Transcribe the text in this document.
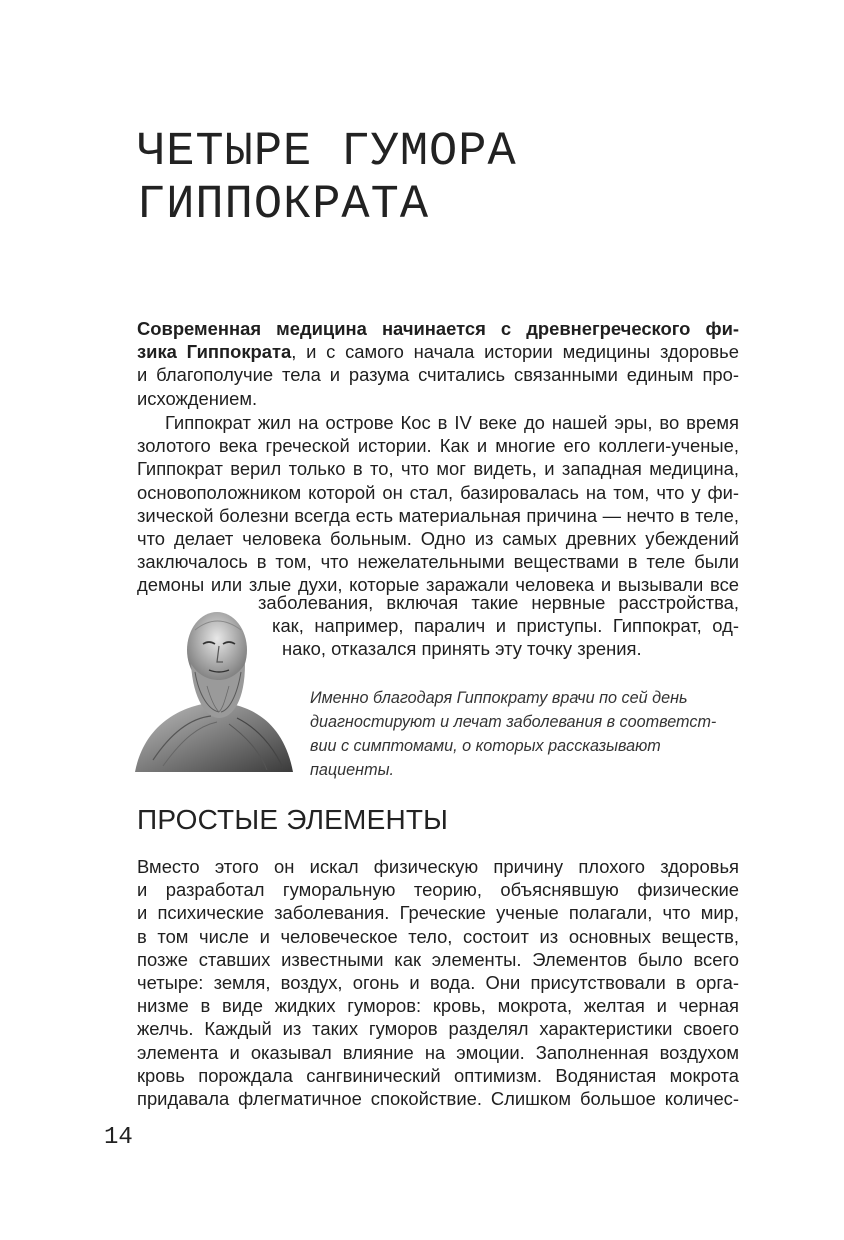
ЧЕТЫРЕ ГУМОРА
ГИППОКРАТА

Современная медицина начинается с древнегреческого фи-
зика Гиппократа, и с самого начала истории медицины здоровье
и благополучие тела и разума считались связанными единым про-
исхождением.

Гиппократ жил на острове Кос в IV веке до нашей эры, во время
золотого века греческой истории. Как и многие его коллеги-ученые,
Гиппократ верил только в то, что мог видеть, и западная медицина,
основоположником которой он стал, базировалась на том, что у фи-
зической болезни всегда есть материальная причина — нечто в теле,
что делает человека больным. Одно из самых древних убеждений
заключалось в том, что нежелательными веществами в теле были
демоны или злые духи, которые заражали человека и вызывали все

заболевания, включая такие нервные расстройства,
как, например, паралич и приступы. Гиппократ, од-
нако, отказался принять эту точку зрения.

Именно благодаря Гиппократу врачи по сей день
диагностируют и лечат заболевания в соответст-
вии с симптомами, о которых рассказывают
пациенты.

ПРОСТЫЕ ЭЛЕМЕНТЫ

Вместо этого он искал физическую причину плохого здоровья
и разработал гуморальную теорию, объяснявшую физические
и психические заболевания. Греческие ученые полагали, что мир,
в том числе и человеческое тело, состоит из основных веществ,
позже ставших известными как элементы. Элементов было всего
четыре: земля, воздух, огонь и вода. Они присутствовали в орга-
низме в виде жидких гуморов: кровь, мокрота, желтая и черная
желчь. Каждый из таких гуморов разделял характеристики своего
элемента и оказывал влияние на эмоции. Заполненная воздухом
кровь порождала сангвинический оптимизм. Водянистая мокрота
придавала флегматичное спокойствие. Слишком большое количес-

14
